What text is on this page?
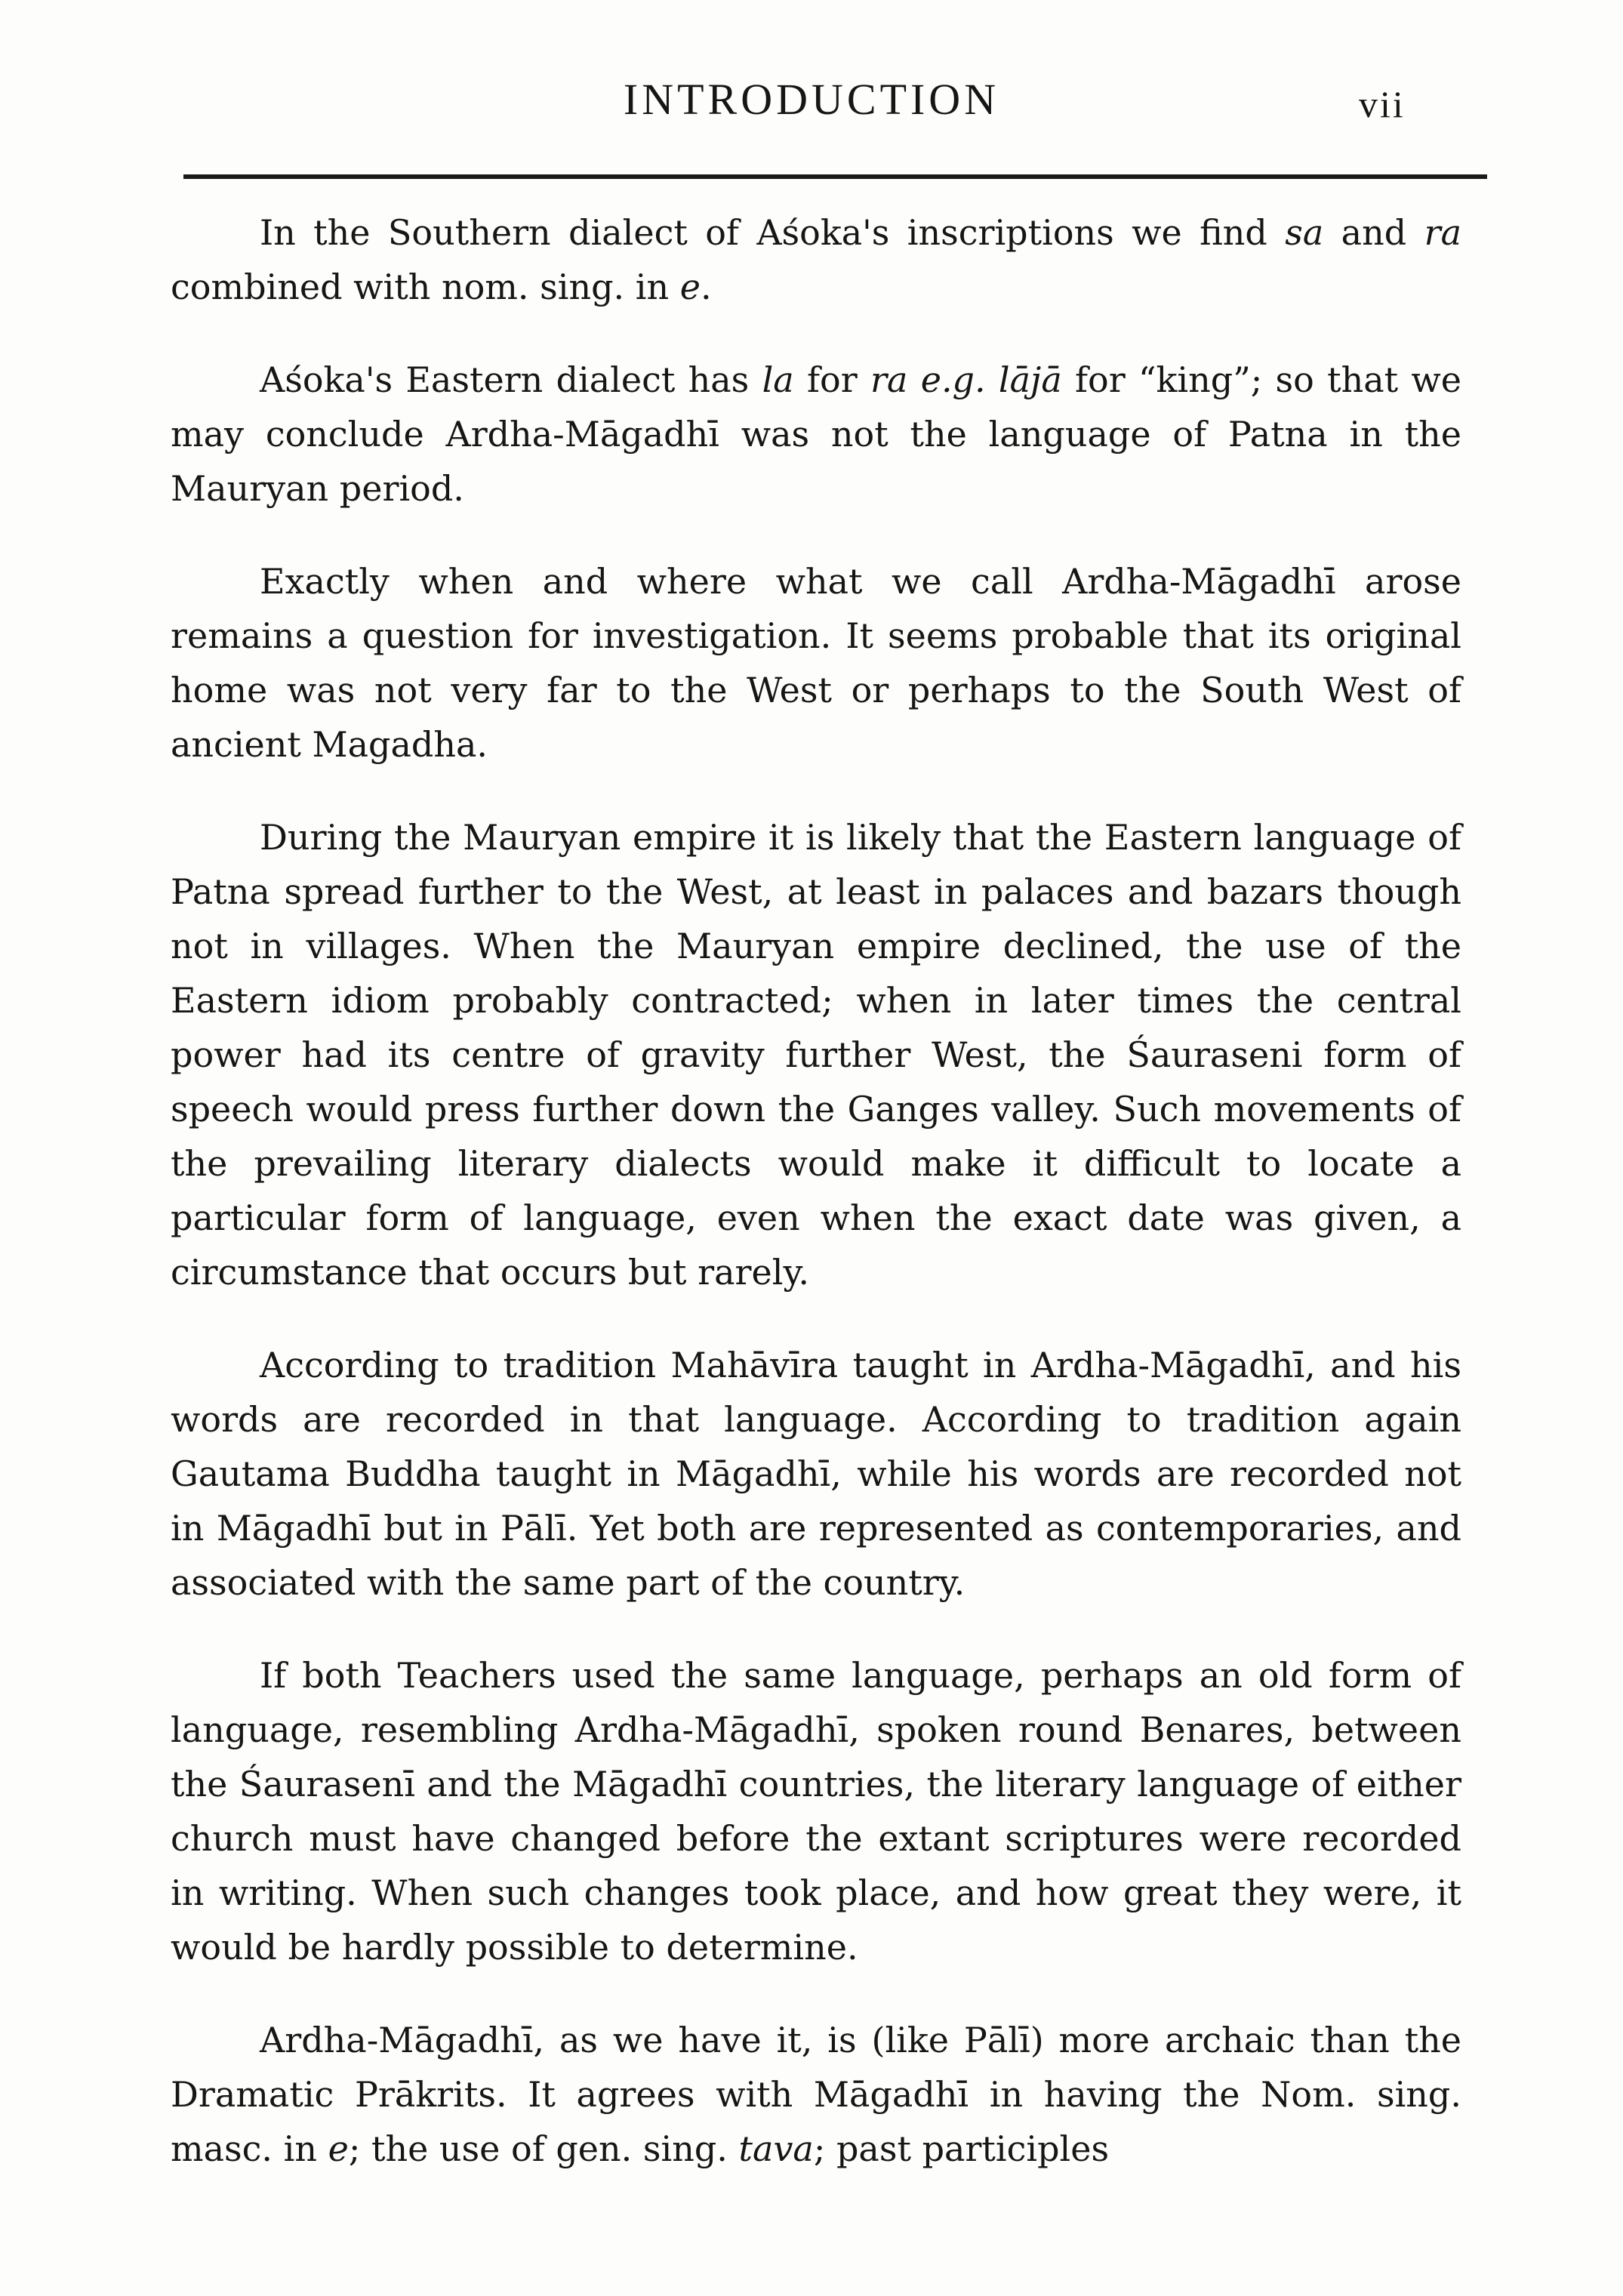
INTRODUCTION	vii

In the Southern dialect of Aśoka's inscriptions we find sa and ra combined with nom. sing. in e.

Aśoka's Eastern dialect has la for ra e.g. lājā for “king”; so that we may conclude Ardha-Māgadhī was not the language of Patna in the Mauryan period.

Exactly when and where what we call Ardha-Māgadhī arose remains a question for investigation. It seems probable that its original home was not very far to the West or perhaps to the South West of ancient Magadha.

During the Mauryan empire it is likely that the Eastern language of Patna spread further to the West, at least in palaces and bazars though not in villages. When the Mauryan empire declined, the use of the Eastern idiom probably contracted; when in later times the central power had its centre of gravity further West, the Śauraseni form of speech would press further down the Ganges valley. Such movements of the prevailing literary dialects would make it difficult to locate a particular form of language, even when the exact date was given, a circumstance that occurs but rarely.

According to tradition Mahāvīra taught in Ardha-Māgadhī, and his words are recorded in that language. According to tradition again Gautama Buddha taught in Māgadhī, while his words are recorded not in Māgadhī but in Pālī. Yet both are represented as contemporaries, and associated with the same part of the country.

If both Teachers used the same language, perhaps an old form of language, resembling Ardha-Māgadhī, spoken round Benares, between the Śaurasenī and the Māgadhī countries, the literary language of either church must have changed before the extant scriptures were recorded in writing. When such changes took place, and how great they were, it would be hardly possible to determine.

Ardha-Māgadhī, as we have it, is (like Pālī) more archaic than the Dramatic Prākrits. It agrees with Māgadhī in having the Nom. sing. masc. in e; the use of gen. sing. tava; past participles
